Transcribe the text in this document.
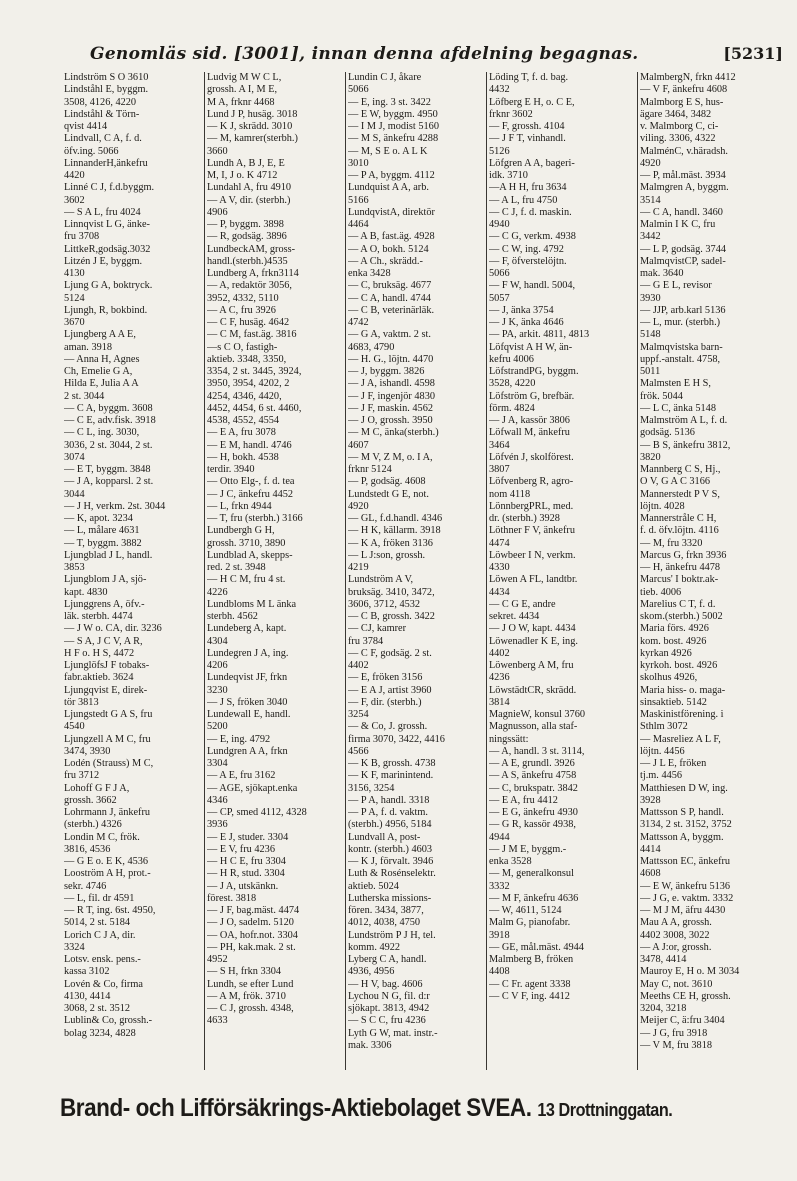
Genomläs sid. [3001], innan denna afdelning begagnas.	[5231]
Lindström S O 3610
Lindståhl E, byggm.
3508, 4126, 4220
Lindståhl & Törn-
qvist 4414
Lindvall, C A, f. d.
öfv.ing. 5066
LinnanderH,änkefru
4420
Linné C J, f.d.byggm.
3602
— S A L, fru 4024
Linnqvist L G, änke-
fru 3708
LittkeR,godsäg.3032
Litzén J E, byggm.
4130
Ljung G A, boktryck.
5124
Ljungh, R, bokbind.
3670
Ljungberg A A E,
aman. 3918
— Anna H, Agnes
Ch, Emelie G A,
Hilda E, Julia A A
2 st. 3044
— C A, byggm. 3608
— C E, adv.fisk. 3918
— C L, ing. 3030,
3036, 2 st. 3044, 2 st.
3074
— E T, byggm. 3848
— J A, kopparsl. 2 st.
3044
— J H, verkm. 2st. 3044
— K, apot. 3234
— L, målare 4631
— T, byggm. 3882
Ljungblad J L, handl.
3853
Ljungblom J A, sjö-
kapt. 4830
Ljunggrens A, öfv.-
läk. sterbh. 4474
— J W o. CA, dir. 3236
— S A, J C V, A R,
H F o. H S, 4472
LjunglöfsJ F tobaks-
fabr.aktieb. 3624
Ljungqvist E, direk-
tör 3813
Ljungstedt G A S, fru
4540
Ljungzell A M C, fru
3474, 3930
Lodén (Strauss) M C,
fru 3712
Lohoff G F J A,
grossh. 3662
Lohrmann J, änkefru
(sterbh.) 4326
Londin M C, frök.
3816, 4536
— G E o. E K, 4536
Looström A H, prot.-
sekr. 4746
— L, fil. dr 4591
— R T, ing. 6st. 4950,
5014, 2 st. 5184
Lorich C J A, dir.
3324
Lotsv. ensk. pens.-
kassa 3102
Lovén & Co, firma
4130, 4414
3068, 2 st. 3512
Lublin& Co, grossh.-
bolag 3234, 4828
Ludvig M W C L,
grossh. A I, M E,
M A, frknr 4468
Lund J P, husäg. 3018
— K J, skrädd. 3010
— M, kamrer(sterbh.)
3660
Lundh A, B J, E, E
M, I, J o. K 4712
Lundahl A, fru 4910
— A V, dir. (sterbh.)
4906
— P, byggm. 3898
— R, godsäg. 3896
LundbeckAM, gross-
handl.(sterbh.)4535
Lundberg A, frkn3114
— A, redaktör 3056,
3952, 4332, 5110
— A C, fru 3926
— C F, husäg. 4642
— C M, fast.äg. 3816
—s C O, fastigh-
aktieb. 3348, 3350,
3354, 2 st. 3445, 3924,
3950, 3954, 4202, 2
4254, 4346, 4420,
4452, 4454, 6 st. 4460,
4538, 4552, 4554
— E A, fru 3078
— E M, handl. 4746
— H, bokh. 4538
terdir. 3940
— Otto Elg-, f. d. tea
— J C, änkefru 4452
— L, frkn 4944
— T, fru (sterbh.) 3166
Lundbergh G H,
grossh. 3710, 3890
Lundblad A, skepps-
red. 2 st. 3948
— H C M, fru 4 st.
4226
Lundbloms M L änka
sterbh. 4562
Lundeberg A, kapt.
4304
Lundegren J A, ing.
4206
Lundeqvist JF, frkn
3230
— J S, fröken 3040
Lundewall E, handl.
5200
— E, ing. 4792
Lundgren A A, frkn
3304
— A E, fru 3162
— AGE, sjökapt.enka
4346
— CP, smed 4112, 4328
3936
— E J, studer. 3304
— E V, fru 4236
— H C E, fru 3304
— H R, stud. 3304
— J A, utskänkn.
förest. 3818
— J F, bag.mäst. 4474
— J O, sadelm. 5120
— OA, hofr.not. 3304
— PH, kak.mak. 2 st.
4952
— S H, frkn 3304
Lundh, se efter Lund
— A M, frök. 3710
— C J, grossh. 4348,
4633
Lundin C J, åkare
5066
— E, ing. 3 st. 3422
— E W, byggm. 4950
— I M J, modist 5160
— M S, änkefru 4288
— M, S E o. A L K
3010
— P A, byggm. 4112
Lundquist A A, arb.
5166
LundqvistA, direktör
4464
— A B, fast.äg. 4928
— A O, bokh. 5124
— A Ch., skrädd.-
enka 3428
— C, bruksäg. 4677
— C A, handl. 4744
— C B, veterinärläk.
4742
— G A, vaktm. 2 st.
4683, 4790
— H. G., löjtn. 4470
— J, byggm. 3826
— J A, ishandl. 4598
— J F, ingenjör 4830
— J F, maskin. 4562
— J O, grossh. 3950
— M C, änka(sterbh.)
4607
— M V, Z M, o. I A,
frknr 5124
— P, godsäg. 4608
Lundstedt G E, not.
4920
— GL, f.d.handl. 4346
— H K, källarm. 3918
— K A, fröken 3136
— L J:son, grossh.
4219
Lundström A V,
bruksäg. 3410, 3472,
3606, 3712, 4532
— C B, grossh. 3422
— CJ, kamrer
fru 3784
— C F, godsäg. 2 st.
4402
— E, fröken 3156
— E A J, artist 3960
— F, dir. (sterbh.)
3254
— & Co, J. grossh.
firma 3070, 3422, 4416
4566
— K B, grossh. 4738
— K F, marinintend.
3156, 3254
— P A, handl. 3318
— P A, f. d. vaktm.
(sterbh.) 4956, 5184
Lundvall A, post-
kontr. (sterbh.) 4603
— K J, förvalt. 3946
Luth & Rosénselektr.
aktieb. 5024
Lutherska missions-
fören. 3434, 3877,
4012, 4038, 4750
Lundström P J H, tel.
komm. 4922
Lyberg C A, handl.
4936, 4956
— H V, bag. 4606
Lychou N G, fil. d:r
sjökapt. 3813, 4942
— S C C, fru 4236
Lyth G W, mat. instr.-
mak. 3306
Löding T, f. d. bag.
4432
Löfberg E H, o. C E,
frknr 3602
— F, grossh. 4104
— J F T, vinhandl.
5126
Löfgren A A, bageri-
idk. 3710
—A H H, fru 3634
— A L, fru 4750
— C J, f. d. maskin.
4940
— C G, verkm. 4938
— C W, ing. 4792
— F, öfverstelöjtn.
5066
— F W, handl. 5004,
5057
— J, änka 3754
— J K, änka 4646
— PA, arkit. 4811, 4813
Löfqvist A H W, än-
kefru 4006
LöfstrandPG, byggm.
3528, 4220
Löfström G, brefbär.
förm. 4824
— J A, kassör 3806
Löfwall M, änkefru
3464
Löfvén J, skolförest.
3807
Löfvenberg R, agro-
nom 4118
LönnbergPRL, med.
dr. (sterbh.) 3928
Löthner F V, änkefru
4474
Löwbeer I N, verkm.
4330
Löwen A FL, landtbr.
4434
— C G E, andre
sekret. 4434
— J O W, kapt. 4434
Löwenadler K E, ing.
4402
Löwenberg A M, fru
4236
LöwstädtCR, skrädd.
3814
MagnieW, konsul 3760
Magnusson, alla staf-
ningssätt:
— A, handl. 3 st. 3114,
— A E, grundl. 3926
— A S, änkefru 4758
— C, brukspatr. 3842
— E A, fru 4412
— E G, änkefru 4930
— G R, kassör 4938,
4944
— J M E, byggm.-
enka 3528
— M, generalkonsul
3332
— M F, änkefru 4636
— W, 4611, 5124
Malm G, pianofabr.
3918
— GE, mål.mäst. 4944
Malmberg B, fröken
4408
— C Fr. agent 3338
— C V F, ing. 4412
MalmbergN, frkn 4412
— V F, änkefru 4608
Malmborg E S, hus-
ägare 3464, 3482
v. Malmborg C, ci-
viling. 3306, 4322
MalménC, v.häradsh.
4920
— P, mål.mäst. 3934
Malmgren A, byggm.
3514
— C A, handl. 3460
Malmin I K C, fru
3442
— L P, godsäg. 3744
MalmqvistCP, sadel-
mak. 3640
— G E L, revisor
3930
— JJP, arb.karl 5136
— L, mur. (sterbh.)
5148
Malmqvistska barn-
uppf.-anstalt. 4758,
5011
Malmsten E H S,
frök. 5044
— L C, änka 5148
Malmström A L, f. d.
godsäg. 5136
— B S, änkefru 3812,
3820
Mannberg C S, Hj.,
O V, G A C 3166
Mannerstedt P V S,
löjtn. 4028
Mannerstråle C H,
f. d. öfv.löjtn. 4116
— M, fru 3320
Marcus G, frkn 3936
— H, änkefru 4478
Marcus' I boktr.ak-
tieb. 4006
Marelius C T, f. d.
skom.(sterbh.) 5002
Maria förs. 4926
kom. bost. 4926
kyrkan 4926
kyrkoh. bost. 4926
skolhus 4926,
Maria hiss- o. maga-
sinsaktieb. 5142
Maskinistförening. i
Sthlm 3072
— Masreliez A L F,
löjtn. 4456
— J L E, fröken
tj.m. 4456
Matthiesen D W, ing.
3928
Mattsson S P, handl.
3134, 2 st. 3152, 3752
Mattsson A, byggm.
4414
Mattsson EC, änkefru
4608
— E W, änkefru 5136
— J G, e. vaktm. 3332
— M J M, äfru 4430
Mau A A, grossh.
4402 3008, 3022
— A J:or, grossh.
3478, 4414
Mauroy E, H o. M 3034
May C, not. 3610
Meeths CE H, grossh.
3204, 3218
Meijer C, ä:fru 3404
— J G, fru 3918
— V M, fru 3818
Brand- och Lifförsäkrings-Aktiebolaget SVEA. 13 Drottninggatan.
